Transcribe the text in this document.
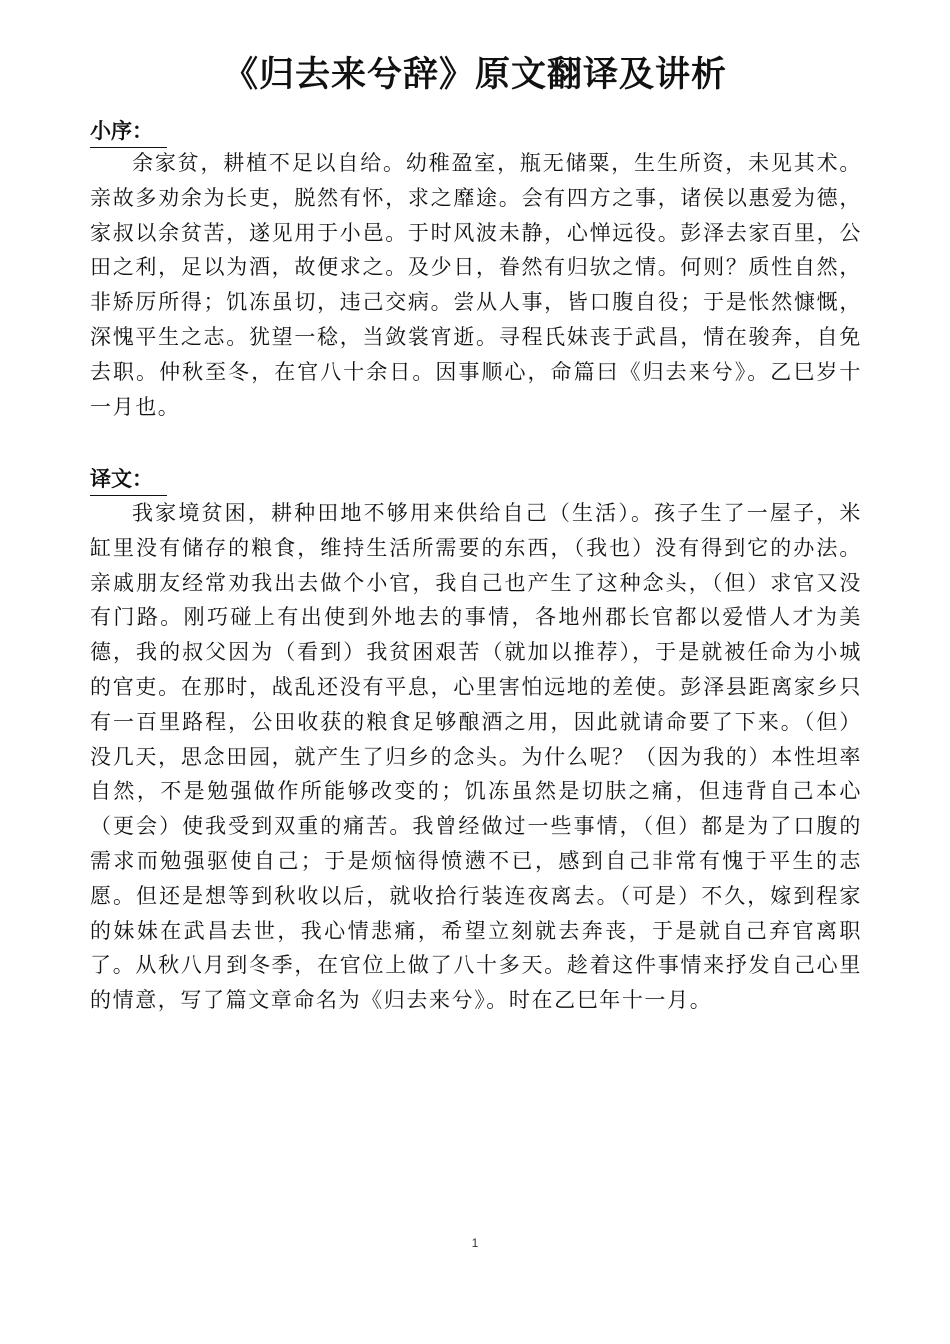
《归去来兮辞》原文翻译及讲析
小序：

余家贫，耕植不足以自给。幼稚盈室，瓶无储粟，生生所资，未见其术。亲故多劝余为长吏，脱然有怀，求之靡途。会有四方之事，诸侯以惠爱为德，家叔以余贫苦，遂见用于小邑。于时风波未静，心惮远役。彭泽去家百里，公田之利，足以为酒，故便求之。及少日，眷然有归欤之情。何则？质性自然，非矫厉所得；饥冻虽切，违己交病。尝从人事，皆口腹自役；于是怅然慷慨，深愧平生之志。犹望一稔，当敛裳宵逝。寻程氏妹丧于武昌，情在骏奔，自免去职。仲秋至冬，在官八十余日。因事顺心，命篇曰《归去来兮》。乙巳岁十一月也。

译文：

我家境贫困，耕种田地不够用来供给自己（生活）。孩子生了一屋子，米缸里没有储存的粮食，维持生活所需要的东西，（我也）没有得到它的办法。亲戚朋友经常劝我出去做个小官，我自己也产生了这种念头，（但）求官又没有门路。刚巧碰上有出使到外地去的事情，各地州郡长官都以爱惜人才为美德，我的叔父因为（看到）我贫困艰苦（就加以推荐），于是就被任命为小城的官吏。在那时，战乱还没有平息，心里害怕远地的差使。彭泽县距离家乡只有一百里路程，公田收获的粮食足够酿酒之用，因此就请命要了下来。（但）没几天，思念田园，就产生了归乡的念头。为什么呢？（因为我的）本性坦率自然，不是勉强做作所能够改变的；饥冻虽然是切肤之痛，但违背自己本心（更会）使我受到双重的痛苦。我曾经做过一些事情，（但）都是为了口腹的需求而勉强驱使自己；于是烦恼得愤懑不已，感到自己非常有愧于平生的志愿。但还是想等到秋收以后，就收拾行装连夜离去。（可是）不久，嫁到程家的妹妹在武昌去世，我心情悲痛，希望立刻就去奔丧，于是就自己弃官离职了。从秋八月到冬季，在官位上做了八十多天。趁着这件事情来抒发自己心里的情意，写了篇文章命名为《归去来兮》。时在乙巳年十一月。

1
